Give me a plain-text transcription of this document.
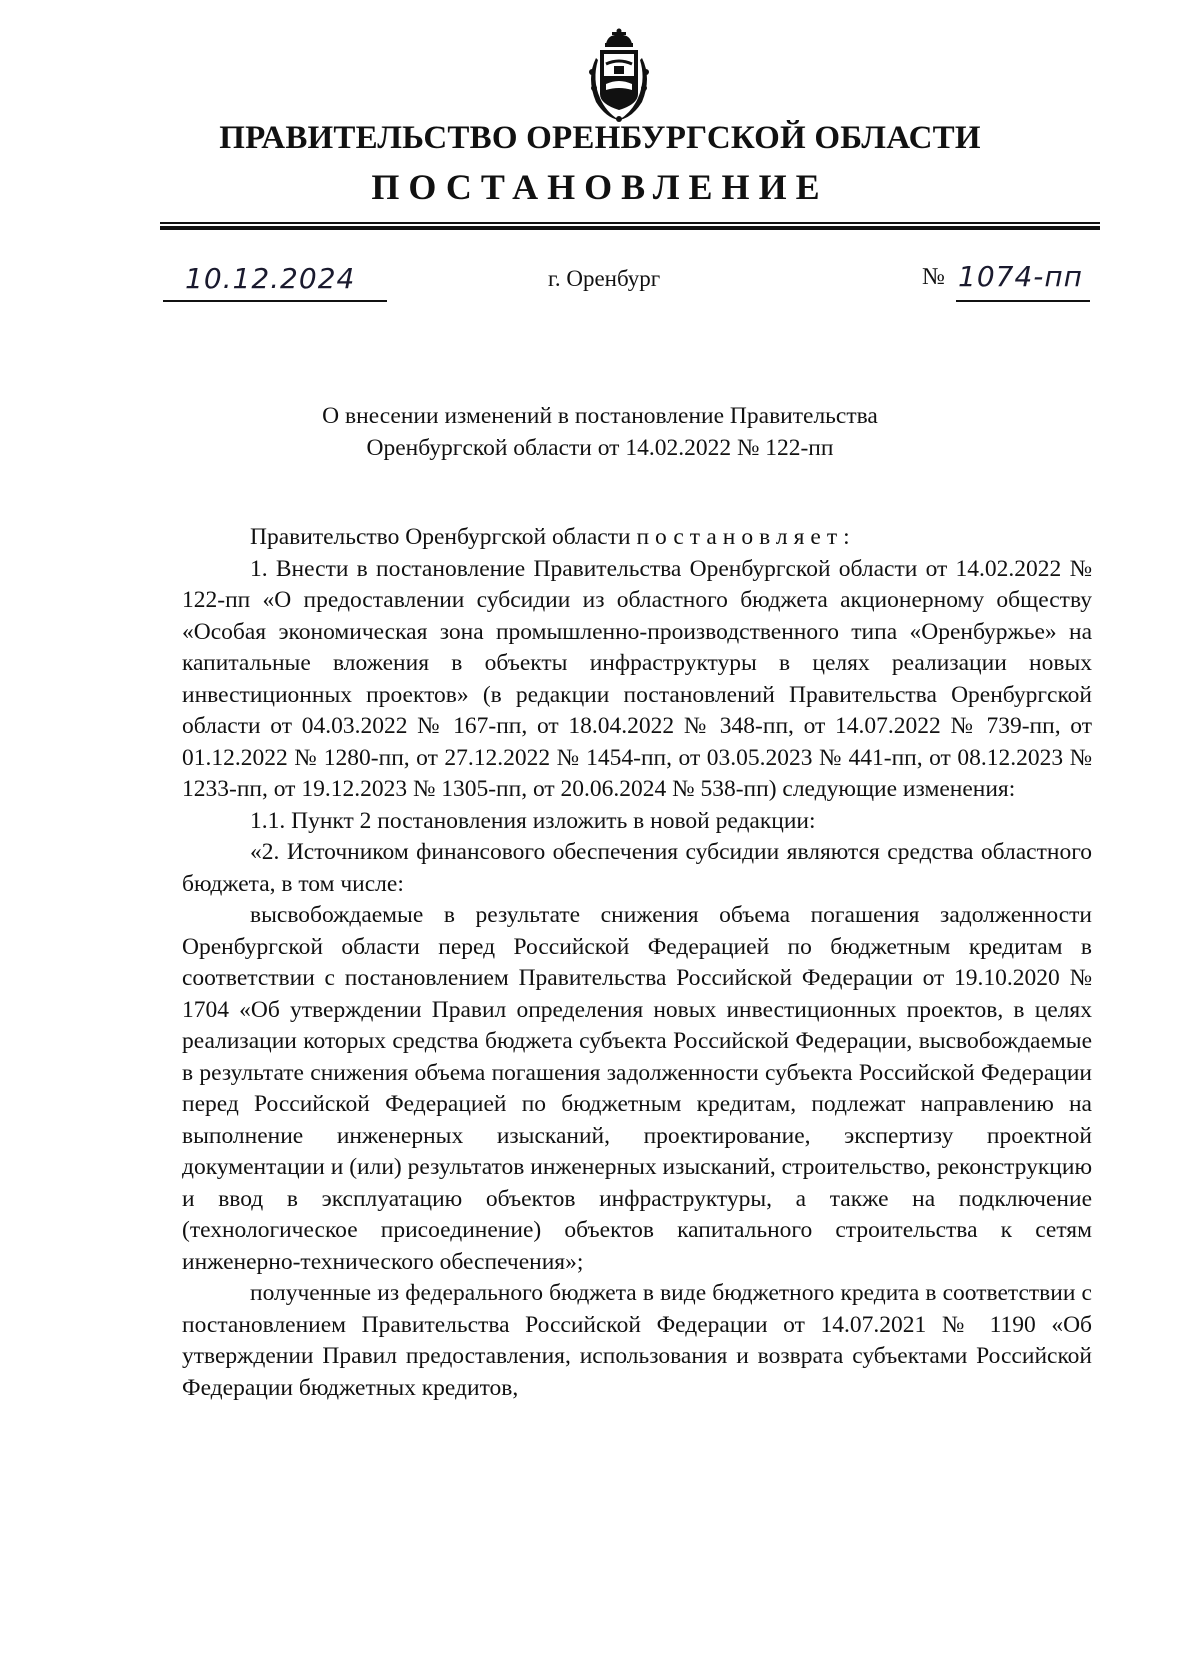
ПРАВИТЕЛЬСТВО ОРЕНБУРГСКОЙ ОБЛАСТИ
ПОСТАНОВЛЕНИЕ
10.12.2024	г. Оренбург	№ 1074-пп
О внесении изменений в постановление Правительства
Оренбургской области от 14.02.2022 № 122-пп

Правительство Оренбургской области постановляет:

1. Внести в постановление Правительства Оренбургской области от 14.02.2022 № 122-пп «О предоставлении субсидии из областного бюджета акционерному обществу «Особая экономическая зона промышленно-производственного типа «Оренбуржье» на капитальные вложения в объекты инфраструктуры в целях реализации новых инвестиционных проектов» (в редакции постановлений Правительства Оренбургской области от 04.03.2022 № 167-пп, от 18.04.2022 № 348-пп, от 14.07.2022 № 739-пп, от 01.12.2022 № 1280-пп, от 27.12.2022 № 1454-пп, от 03.05.2023 № 441-пп, от 08.12.2023 № 1233-пп, от 19.12.2023 № 1305-пп, от 20.06.2024 № 538-пп) следующие изменения:

1.1. Пункт 2 постановления изложить в новой редакции:

«2. Источником финансового обеспечения субсидии являются средства областного бюджета, в том числе:

высвобождаемые в результате снижения объема погашения задолженности Оренбургской области перед Российской Федерацией по бюджетным кредитам в соответствии с постановлением Правительства Российской Федерации от 19.10.2020 № 1704 «Об утверждении Правил определения новых инвестиционных проектов, в целях реализации которых средства бюджета субъекта Российской Федерации, высвобождаемые в результате снижения объема погашения задолженности субъекта Российской Федерации перед Российской Федерацией по бюджетным кредитам, подлежат направлению на выполнение инженерных изысканий, проектирование, экспертизу проектной документации и (или) результатов инженерных изысканий, строительство, реконструкцию и ввод в эксплуатацию объектов инфраструктуры, а также на подключение (технологическое присоединение) объектов капитального строительства к сетям инженерно-технического обеспечения»;

полученные из федерального бюджета в виде бюджетного кредита в соответствии с постановлением Правительства Российской Федерации от 14.07.2021 № 1190 «Об утверждении Правил предоставления, использования и возврата субъектами Российской Федерации бюджетных кредитов,
